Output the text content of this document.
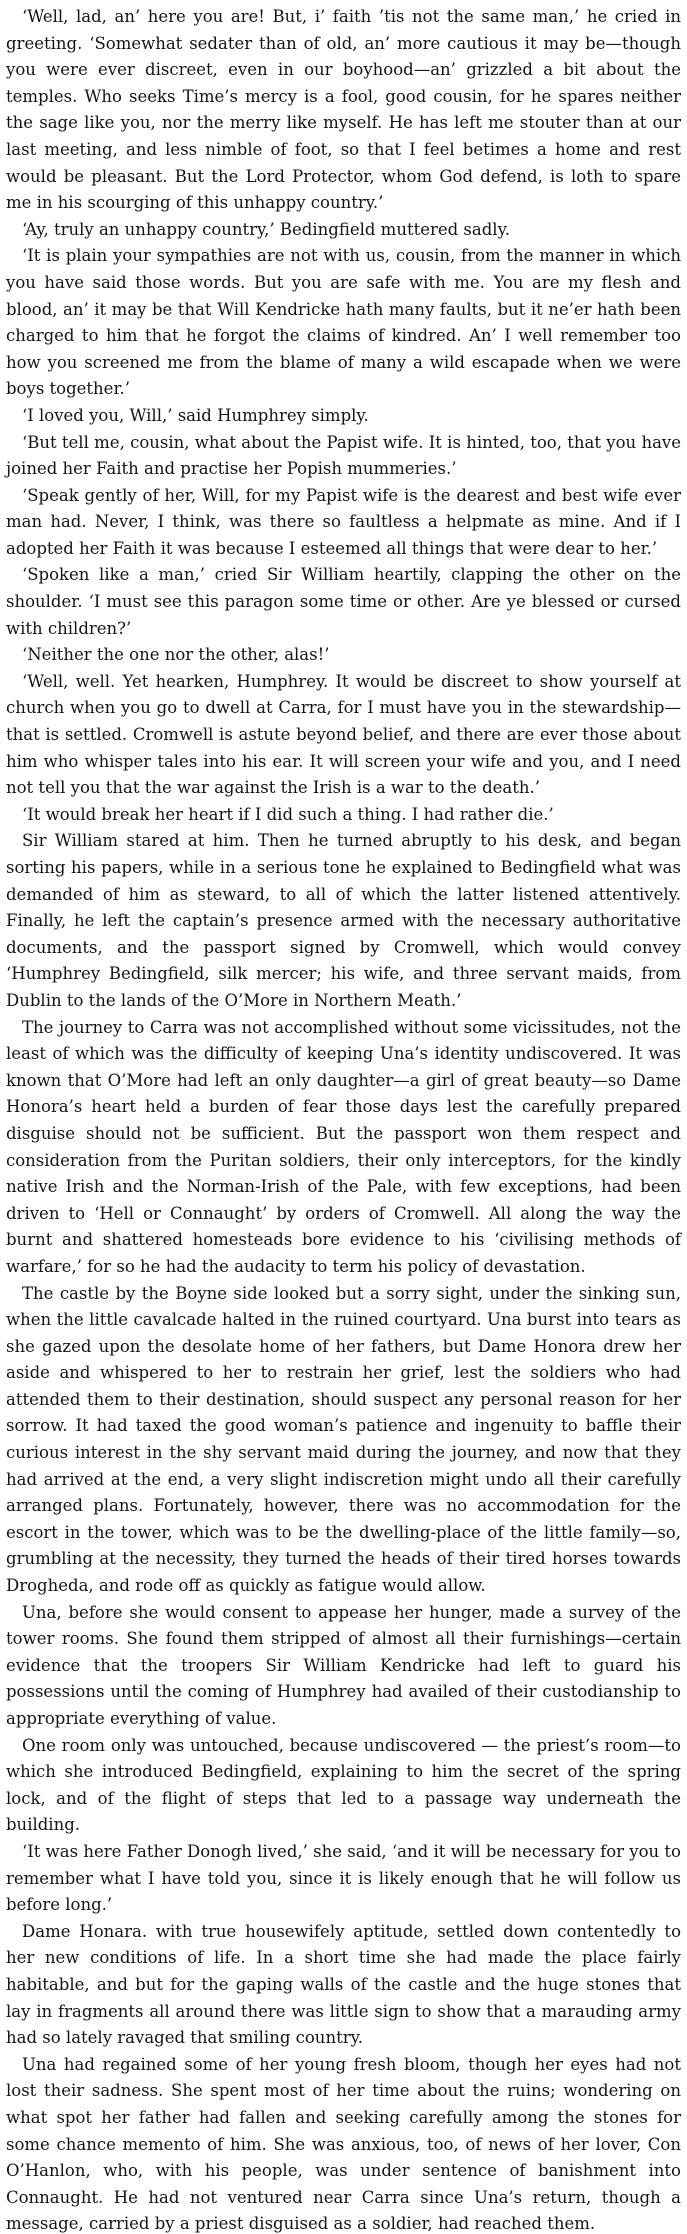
‘Well, lad, an’ here you are! But, i’ faith ’tis not the same man,’ he cried in greeting. ‘Somewhat sedater than of old, an’ more cautious it may be—though you were ever discreet, even in our boyhood—an’ grizzled a bit about the temples. Who seeks Time’s mercy is a fool, good cousin, for he spares neither the sage like you, nor the merry like myself. He has left me stouter than at our last meeting, and less nimble of foot, so that I feel betimes a home and rest would be pleasant. But the Lord Protector, whom God defend, is loth to spare me in his scourging of this unhappy country.’

‘Ay, truly an unhappy country,’ Bedingfield muttered sadly.

‘It is plain your sympathies are not with us, cousin, from the manner in which you have said those words. But you are safe with me. You are my flesh and blood, an’ it may be that Will Kendricke hath many faults, but it ne’er hath been charged to him that he forgot the claims of kindred. An’ I well remember too how you screened me from the blame of many a wild escapade when we were boys together.’

‘I loved you, Will,’ said Humphrey simply.

‘But tell me, cousin, what about the Papist wife. It is hinted, too, that you have joined her Faith and practise her Popish mummeries.’

‘Speak gently of her, Will, for my Papist wife is the dearest and best wife ever man had. Never, I think, was there so faultless a helpmate as mine. And if I adopted her Faith it was because I esteemed all things that were dear to her.’

‘Spoken like a man,’ cried Sir William heartily, clapping the other on the shoulder. ‘I must see this paragon some time or other. Are ye blessed or cursed with children?’

‘Neither the one nor the other, alas!’

‘Well, well. Yet hearken, Humphrey. It would be discreet to show yourself at church when you go to dwell at Carra, for I must have you in the stewardship—that is settled. Cromwell is astute beyond belief, and there are ever those about him who whisper tales into his ear. It will screen your wife and you, and I need not tell you that the war against the Irish is a war to the death.’

‘It would break her heart if I did such a thing. I had rather die.’

Sir William stared at him. Then he turned abruptly to his desk, and began sorting his papers, while in a serious tone he explained to Bedingfield what was demanded of him as steward, to all of which the latter listened attentively. Finally, he left the captain’s presence armed with the necessary authoritative documents, and the passport signed by Cromwell, which would convey ‘Humphrey Bedingfield, silk mercer; his wife, and three servant maids, from Dublin to the lands of the O’More in Northern Meath.’

The journey to Carra was not accomplished without some vicissitudes, not the least of which was the difficulty of keeping Una’s identity undiscovered. It was known that O’More had left an only daughter—a girl of great beauty—so Dame Honora’s heart held a burden of fear those days lest the carefully prepared disguise should not be sufficient. But the passport won them respect and consideration from the Puritan soldiers, their only interceptors, for the kindly native Irish and the Norman-Irish of the Pale, with few exceptions, had been driven to ‘Hell or Connaught’ by orders of Cromwell. All along the way the burnt and shattered homesteads bore evidence to his ‘civilising methods of warfare,’ for so he had the audacity to term his policy of devastation.

The castle by the Boyne side looked but a sorry sight, under the sinking sun, when the little cavalcade halted in the ruined courtyard. Una burst into tears as she gazed upon the desolate home of her fathers, but Dame Honora drew her aside and whispered to her to restrain her grief, lest the soldiers who had attended them to their destination, should suspect any personal reason for her sorrow. It had taxed the good woman’s patience and ingenuity to baffle their curious interest in the shy servant maid during the journey, and now that they had arrived at the end, a very slight indiscretion might undo all their carefully arranged plans. Fortunately, however, there was no accommodation for the escort in the tower, which was to be the dwelling-place of the little family—so, grumbling at the necessity, they turned the heads of their tired horses towards Drogheda, and rode off as quickly as fatigue would allow.

Una, before she would consent to appease her hunger, made a survey of the tower rooms. She found them stripped of almost all their furnishings—certain evidence that the troopers Sir William Kendricke had left to guard his possessions until the coming of Humphrey had availed of their custodianship to appropriate everything of value.

One room only was untouched, because undiscovered — the priest’s room—to which she introduced Bedingfield, explaining to him the secret of the spring lock, and of the flight of steps that led to a passage way underneath the building.

‘It was here Father Donogh lived,’ she said, ‘and it will be necessary for you to remember what I have told you, since it is likely enough that he will follow us before long.’

Dame Honara. with true housewifely aptitude, settled down contentedly to her new conditions of life. In a short time she had made the place fairly habitable, and but for the gaping walls of the castle and the huge stones that lay in fragments all around there was little sign to show that a marauding army had so lately ravaged that smiling country.

Una had regained some of her young fresh bloom, though her eyes had not lost their sadness. She spent most of her time about the ruins; wondering on what spot her father had fallen and seeking carefully among the stones for some chance memento of him. She was anxious, too, of news of her lover, Con O’Hanlon, who, with his people, was under sentence of banishment into Connaught. He had not ventured near Carra since Una’s return, though a message, carried by a priest disguised as a soldier, had reached them.
